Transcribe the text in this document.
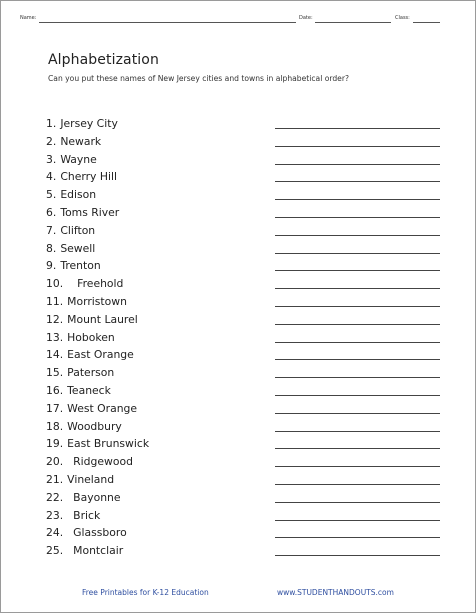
Name:	Date:	Class:
Alphabetization

Can you put these names of New Jersey cities and towns in alphabetical order?

1. Jersey City
2. Newark
3. Wayne
4. Cherry Hill
5. Edison
6. Toms River
7. Clifton
8. Sewell
9. Trenton
10. Freehold
11. Morristown
12. Mount Laurel
13. Hoboken
14. East Orange
15. Paterson
16. Teaneck
17. West Orange
18. Woodbury
19. East Brunswick
20. Ridgewood
21. Vineland
22. Bayonne
23. Brick
24. Glassboro
25. Montclair
Free Printables for K-12 Education	www.STUDENTHANDOUTS.com
